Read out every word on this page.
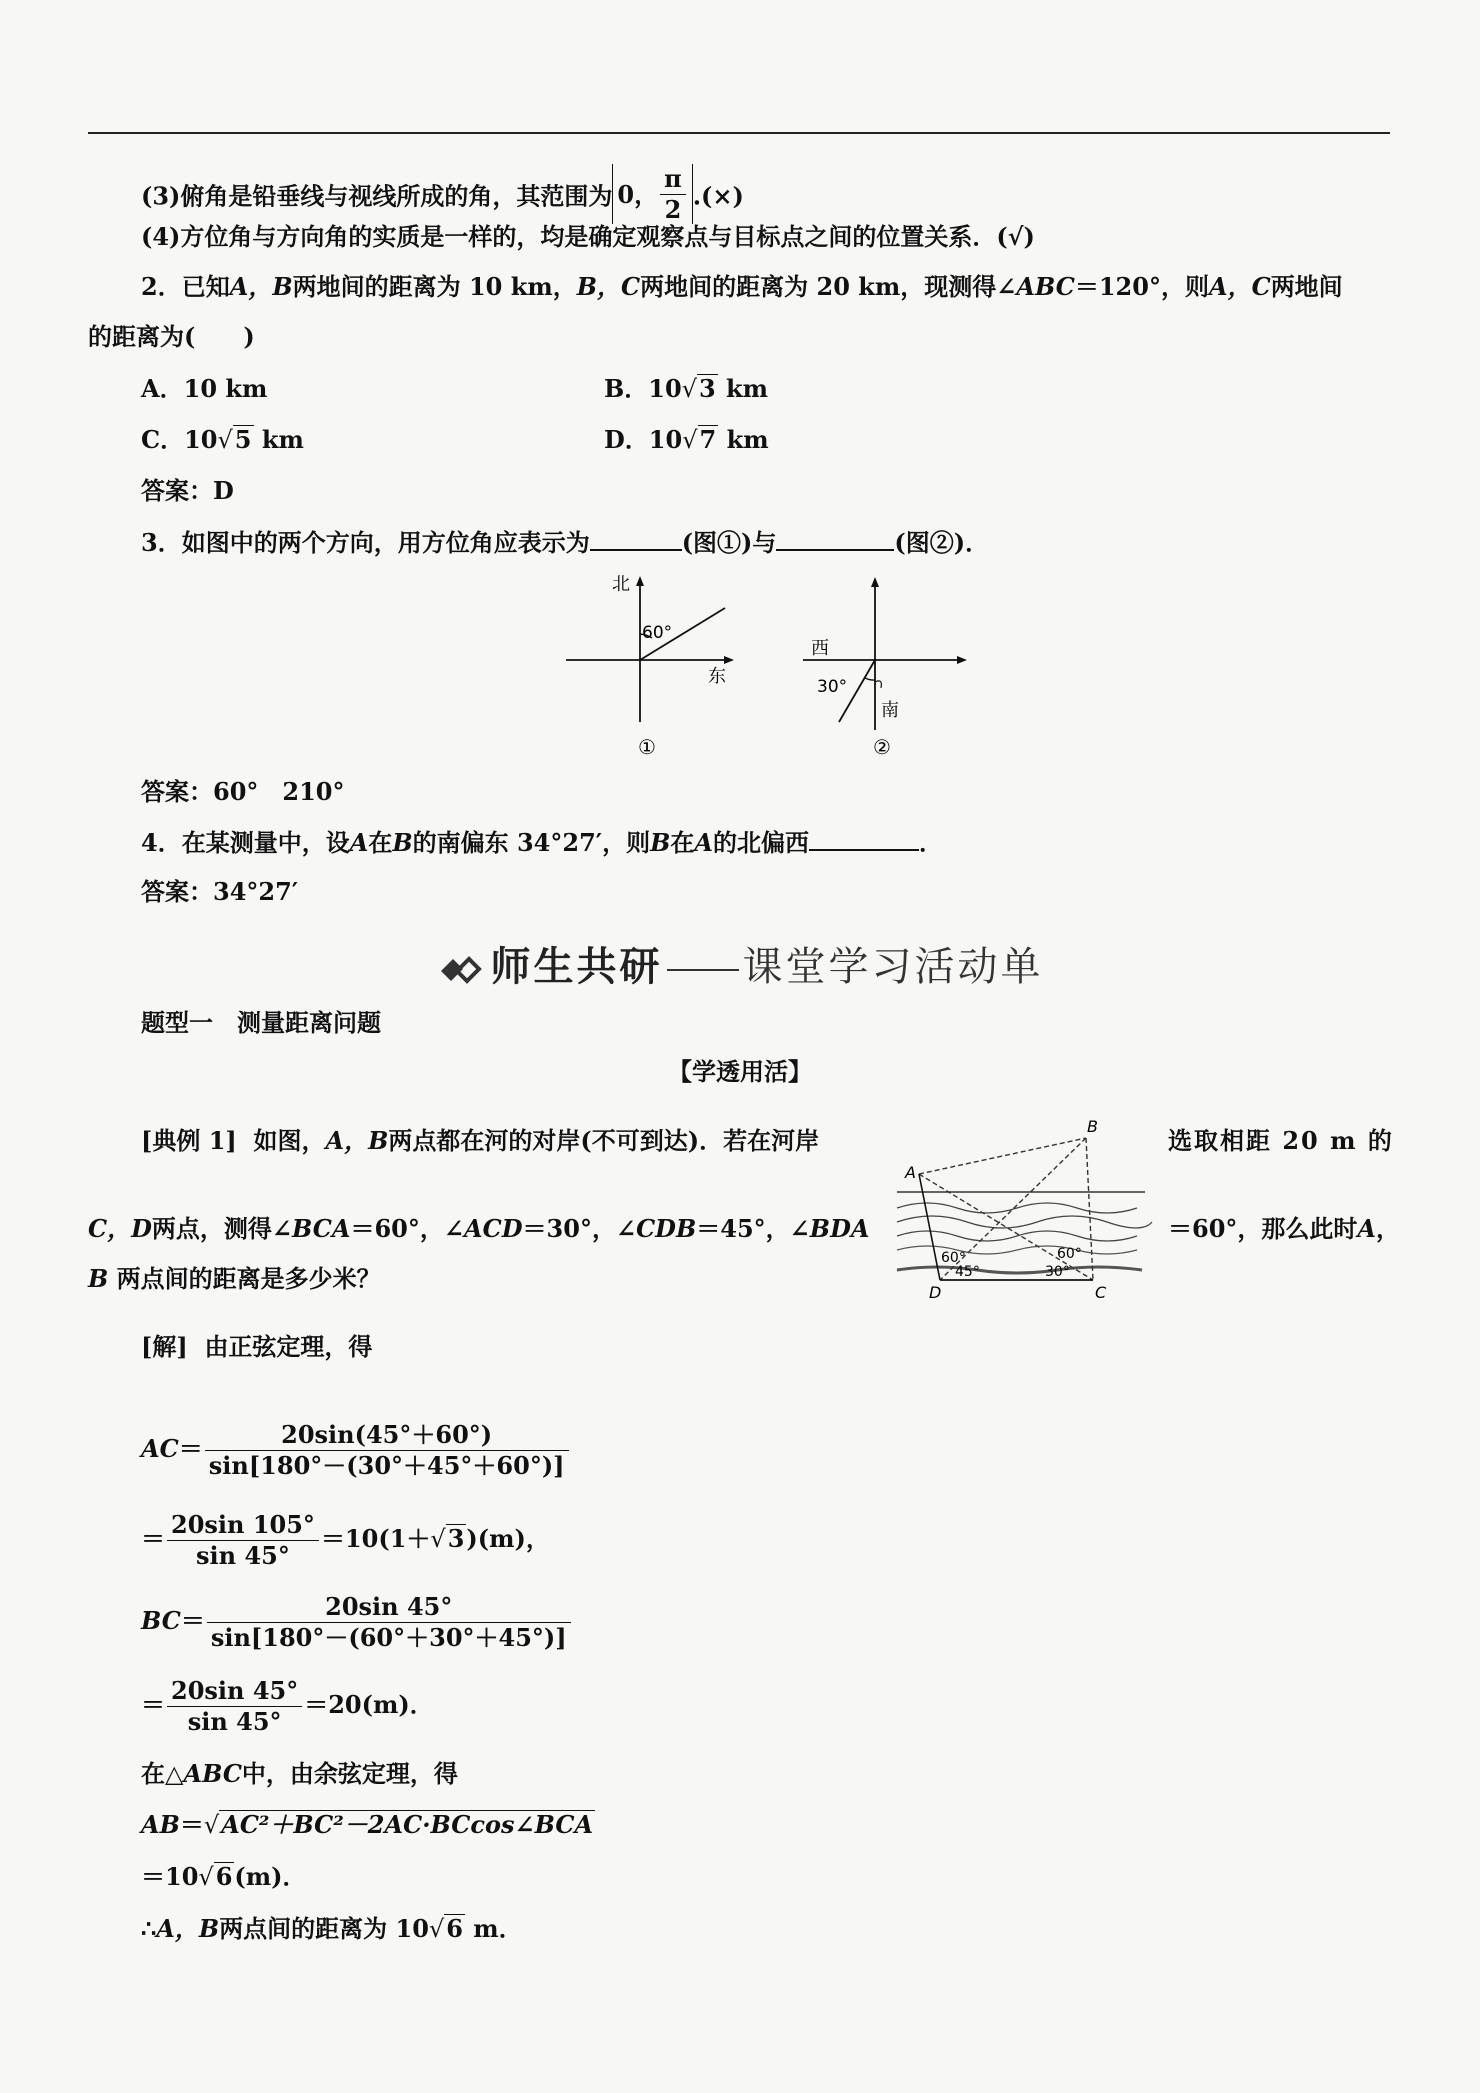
(3)俯角是铅垂线与视线所成的角，其范围为 0， $\frac{\pi}{2}$ .(×)
(4)方位角与方向角的实质是一样的，均是确定观察点与目标点之间的位置关系．(√)
2．已知A，B两地间的距离为 10 km，B，C两地间的距离为 20 km，现测得∠ABC＝120°，则A，C两地间
的距离为(　　)
A．10 km	B．10√3 km
C．10√5 km	D．10√7 km
答案：D
3．如图中的两个方向，用方位角应表示为	(图①)与	(图②)．
北
60°
东
①
西
30°
南
②
答案：60°　210°
4．在某测量中，设A在B的南偏东 34°27′，则B在A的北偏西	．
答案：34°27′
师生共研 课堂学习活动单
题型一　测量距离问题
【学透用活】
[典例 1] 如图，A，B两点都在河的对岸(不可到达)．若在河岸	选取相距 20 m 的
C，D两点，测得∠BCA＝60°，∠ACD＝30°，∠CDB＝45°，∠BDA	＝60°，那么此时A，
B 两点间的距离是多少米？
A
B
C
D
60°
45°	30°
60°
[解] 由正弦定理，得
$AC= \frac{20\sin(45^\circ+60^\circ)}{\sin[180^\circ-(30^\circ+45^\circ+60^\circ)]}$
＝ $\frac{20\sin 105^\circ}{\sin 45^\circ} =10(1+√3)(m)$，
$BC= \frac{20\sin 45^\circ}{\sin[180^\circ-(60^\circ+30^\circ+45^\circ)]}$
＝ $\frac{20\sin 45^\circ}{\sin 45^\circ} =20(m)$．
在△ABC中，由余弦定理，得
AB＝√AC²＋BC²－2AC·BCcos∠BCA
＝10√6(m)．
∴A，B两点间的距离为 10√6 m．
